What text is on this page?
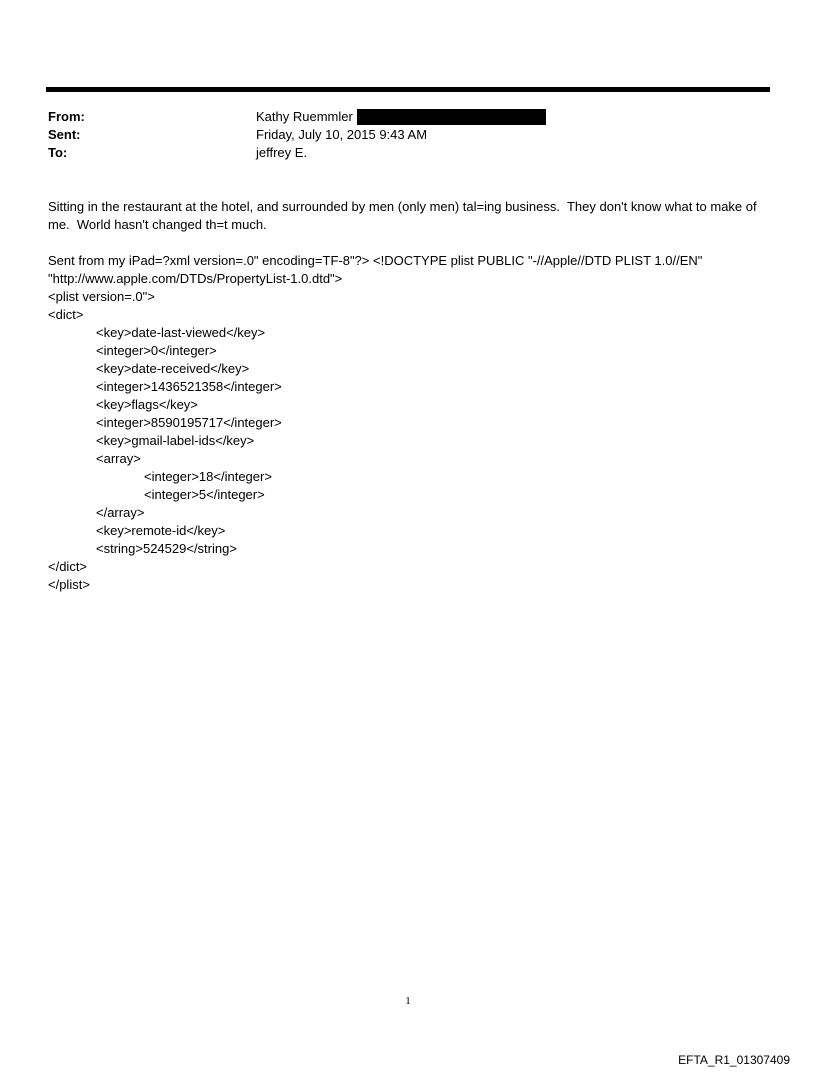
From:	Kathy Ruemmler
Sent:	Friday, July 10, 2015 9:43 AM
To:	jeffrey E.

Sitting in the restaurant at the hotel, and surrounded by men (only men) tal=ing business.  They don't know what to make of me.  World hasn't changed th=t much.

Sent from my iPad=?xml version=.0" encoding=TF-8"?> <!DOCTYPE plist PUBLIC "-//Apple//DTD PLIST 1.0//EN"
"http://www.apple.com/DTDs/PropertyList-1.0.dtd">
<plist version=.0">
<dict>
<key>date-last-viewed</key>
<integer>0</integer>
<key>date-received</key>
<integer>1436521358</integer>
<key>flags</key>
<integer>8590195717</integer>
<key>gmail-label-ids</key>
<array>
<integer>18</integer>
<integer>5</integer>
</array>
<key>remote-id</key>
<string>524529</string>
</dict>
</plist>
1
EFTA_R1_01307409
